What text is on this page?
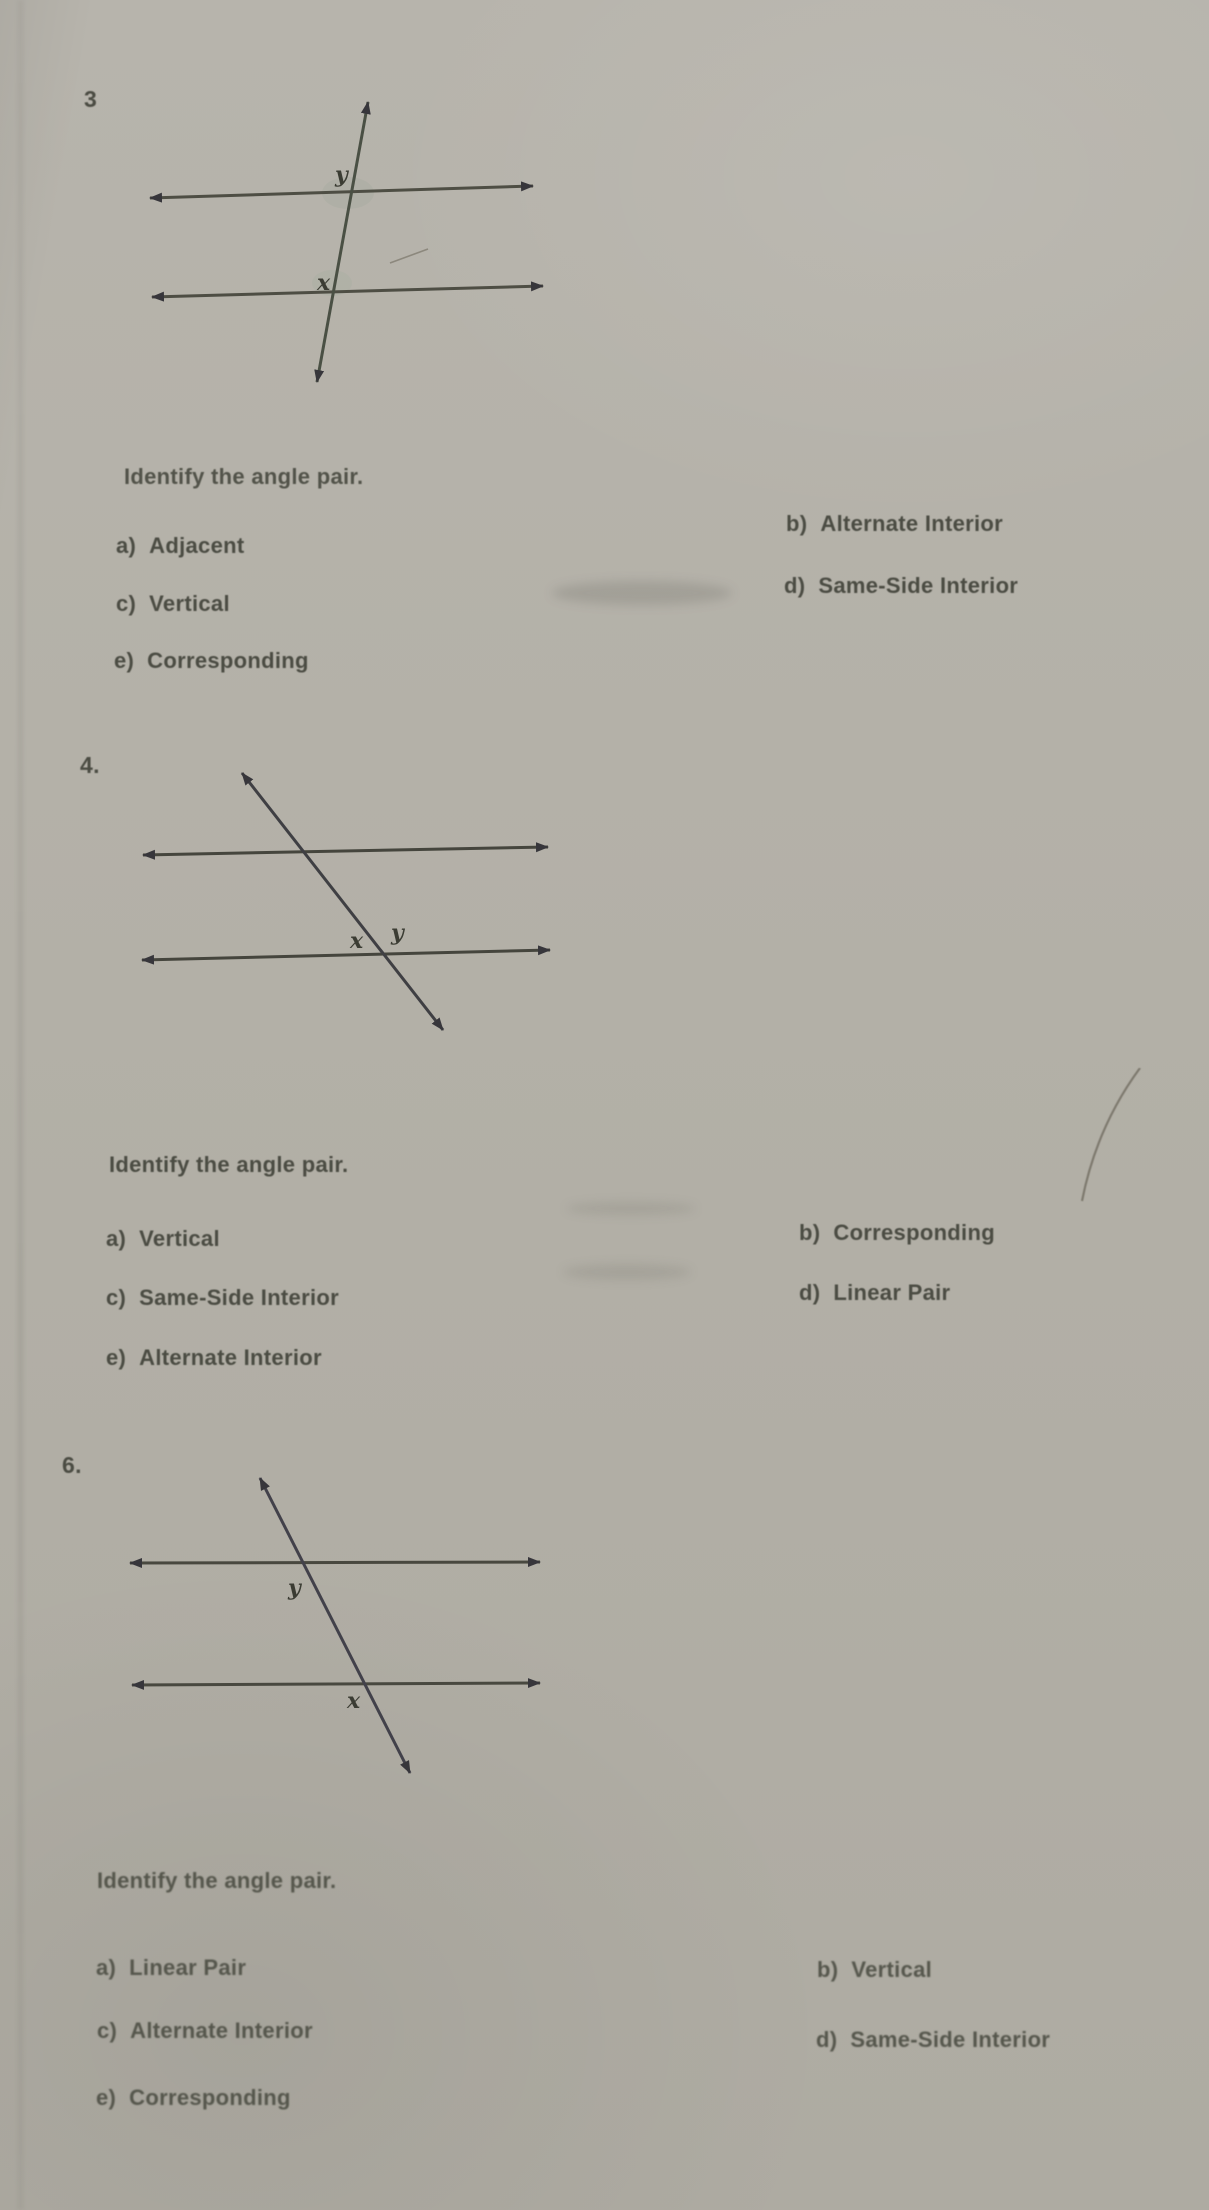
3
y
x
Identify the angle pair.
a) Adjacent
b) Alternate Interior
c) Vertical
d) Same-Side Interior
e) Corresponding
4.
x y
Identify the angle pair.
a) Vertical	b) Corresponding
c) Same-Side Interior	d) Linear Pair
e) Alternate Interior
6.
y
x
Identify the angle pair.
a) Linear Pair	b) Vertical
c) Alternate Interior	d) Same-Side Interior
e) Corresponding
